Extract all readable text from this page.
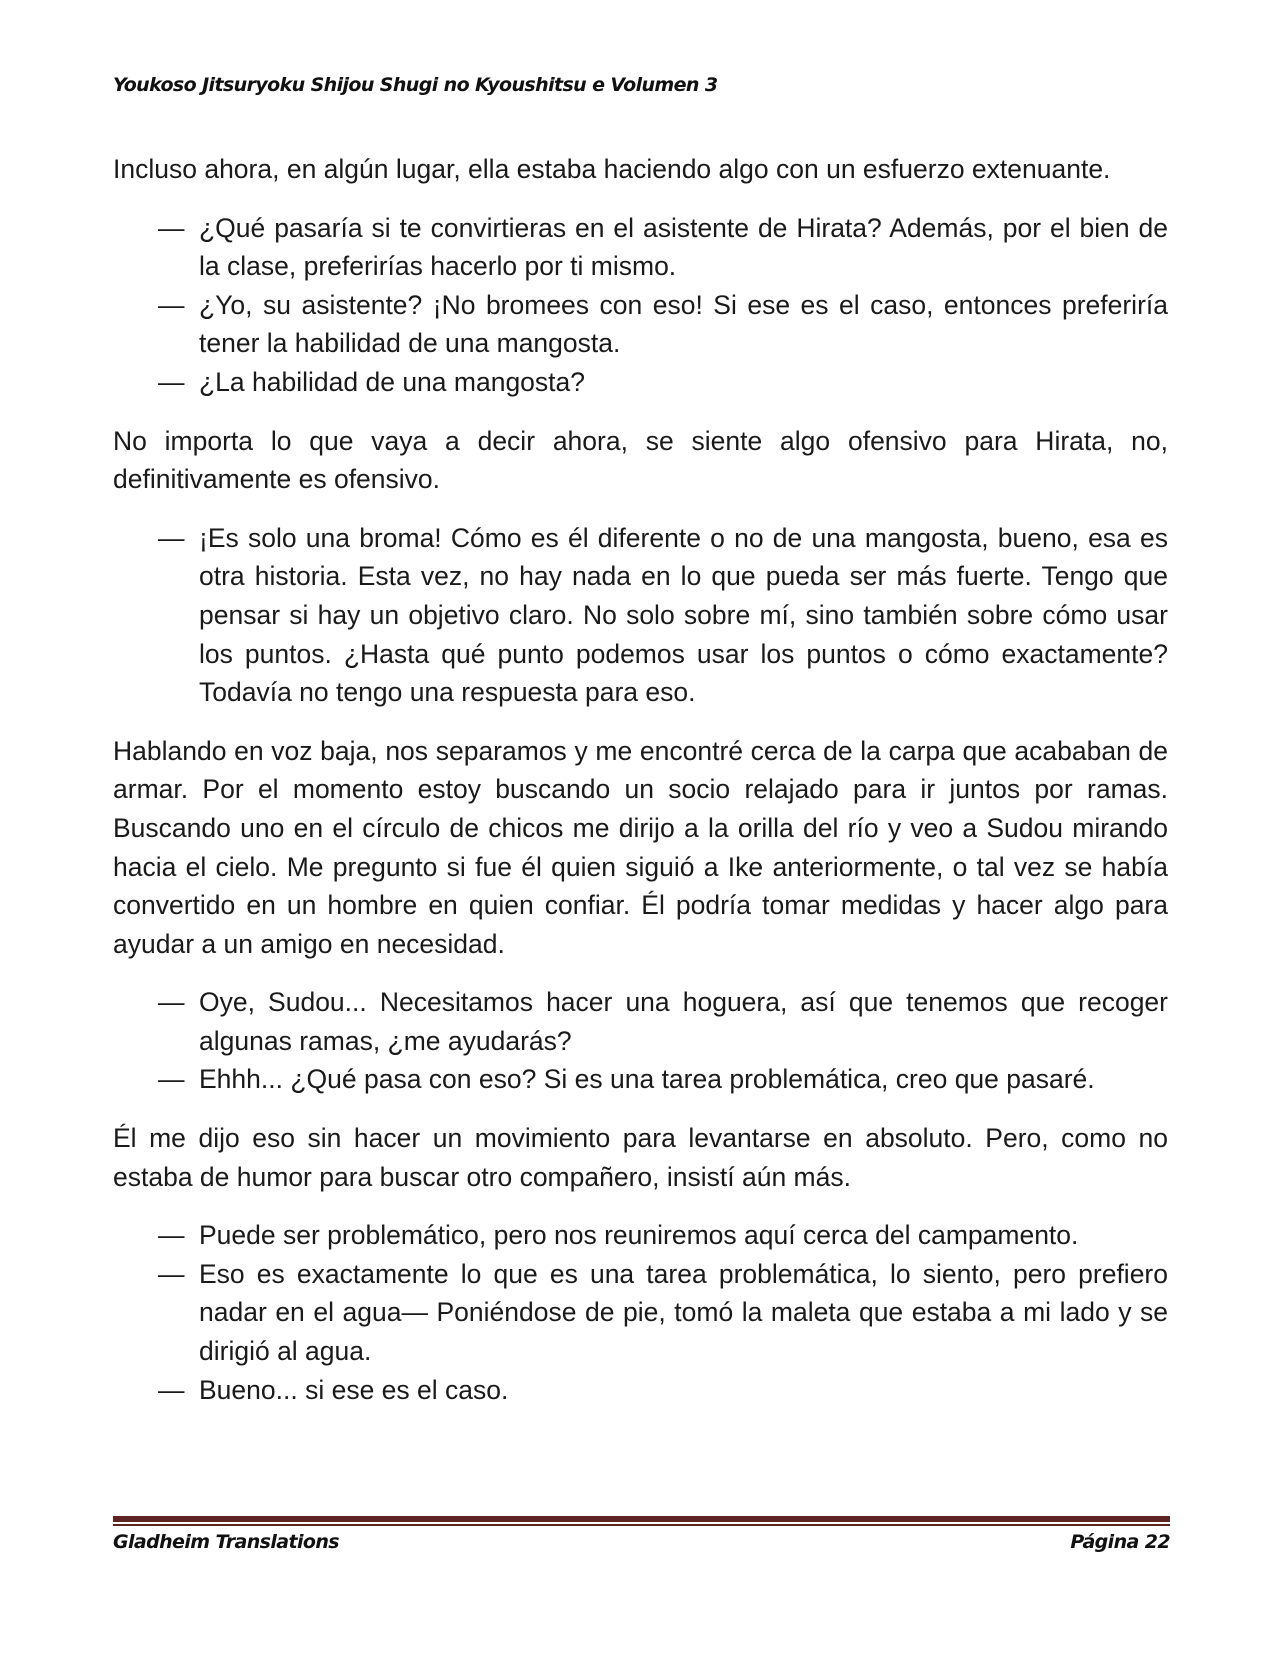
Youkoso Jitsuryoku Shijou Shugi no Kyoushitsu e Volumen 3

Incluso ahora, en algún lugar, ella estaba haciendo algo con un esfuerzo extenuante.

— ¿Qué pasaría si te convirtieras en el asistente de Hirata? Además, por el bien de la clase, preferirías hacerlo por ti mismo.

— ¿Yo, su asistente? ¡No bromees con eso! Si ese es el caso, entonces preferiría tener la habilidad de una mangosta.

— ¿La habilidad de una mangosta?

No importa lo que vaya a decir ahora, se siente algo ofensivo para Hirata, no, definitivamente es ofensivo.

— ¡Es solo una broma! Cómo es él diferente o no de una mangosta, bueno, esa es otra historia. Esta vez, no hay nada en lo que pueda ser más fuerte. Tengo que pensar si hay un objetivo claro. No solo sobre mí, sino también sobre cómo usar los puntos. ¿Hasta qué punto podemos usar los puntos o cómo exactamente? Todavía no tengo una respuesta para eso.

Hablando en voz baja, nos separamos y me encontré cerca de la carpa que acababan de armar. Por el momento estoy buscando un socio relajado para ir juntos por ramas. Buscando uno en el círculo de chicos me dirijo a la orilla del río y veo a Sudou mirando hacia el cielo. Me pregunto si fue él quien siguió a Ike anteriormente, o tal vez se había convertido en un hombre en quien confiar. Él podría tomar medidas y hacer algo para ayudar a un amigo en necesidad.

— Oye, Sudou... Necesitamos hacer una hoguera, así que tenemos que recoger algunas ramas, ¿me ayudarás?

— Ehhh... ¿Qué pasa con eso? Si es una tarea problemática, creo que pasaré.

Él me dijo eso sin hacer un movimiento para levantarse en absoluto. Pero, como no estaba de humor para buscar otro compañero, insistí aún más.

— Puede ser problemático, pero nos reuniremos aquí cerca del campamento.

— Eso es exactamente lo que es una tarea problemática, lo siento, pero prefiero nadar en el agua— Poniéndose de pie, tomó la maleta que estaba a mi lado y se dirigió al agua.

— Bueno... si ese es el caso.

Gladheim Translations	Página 22
